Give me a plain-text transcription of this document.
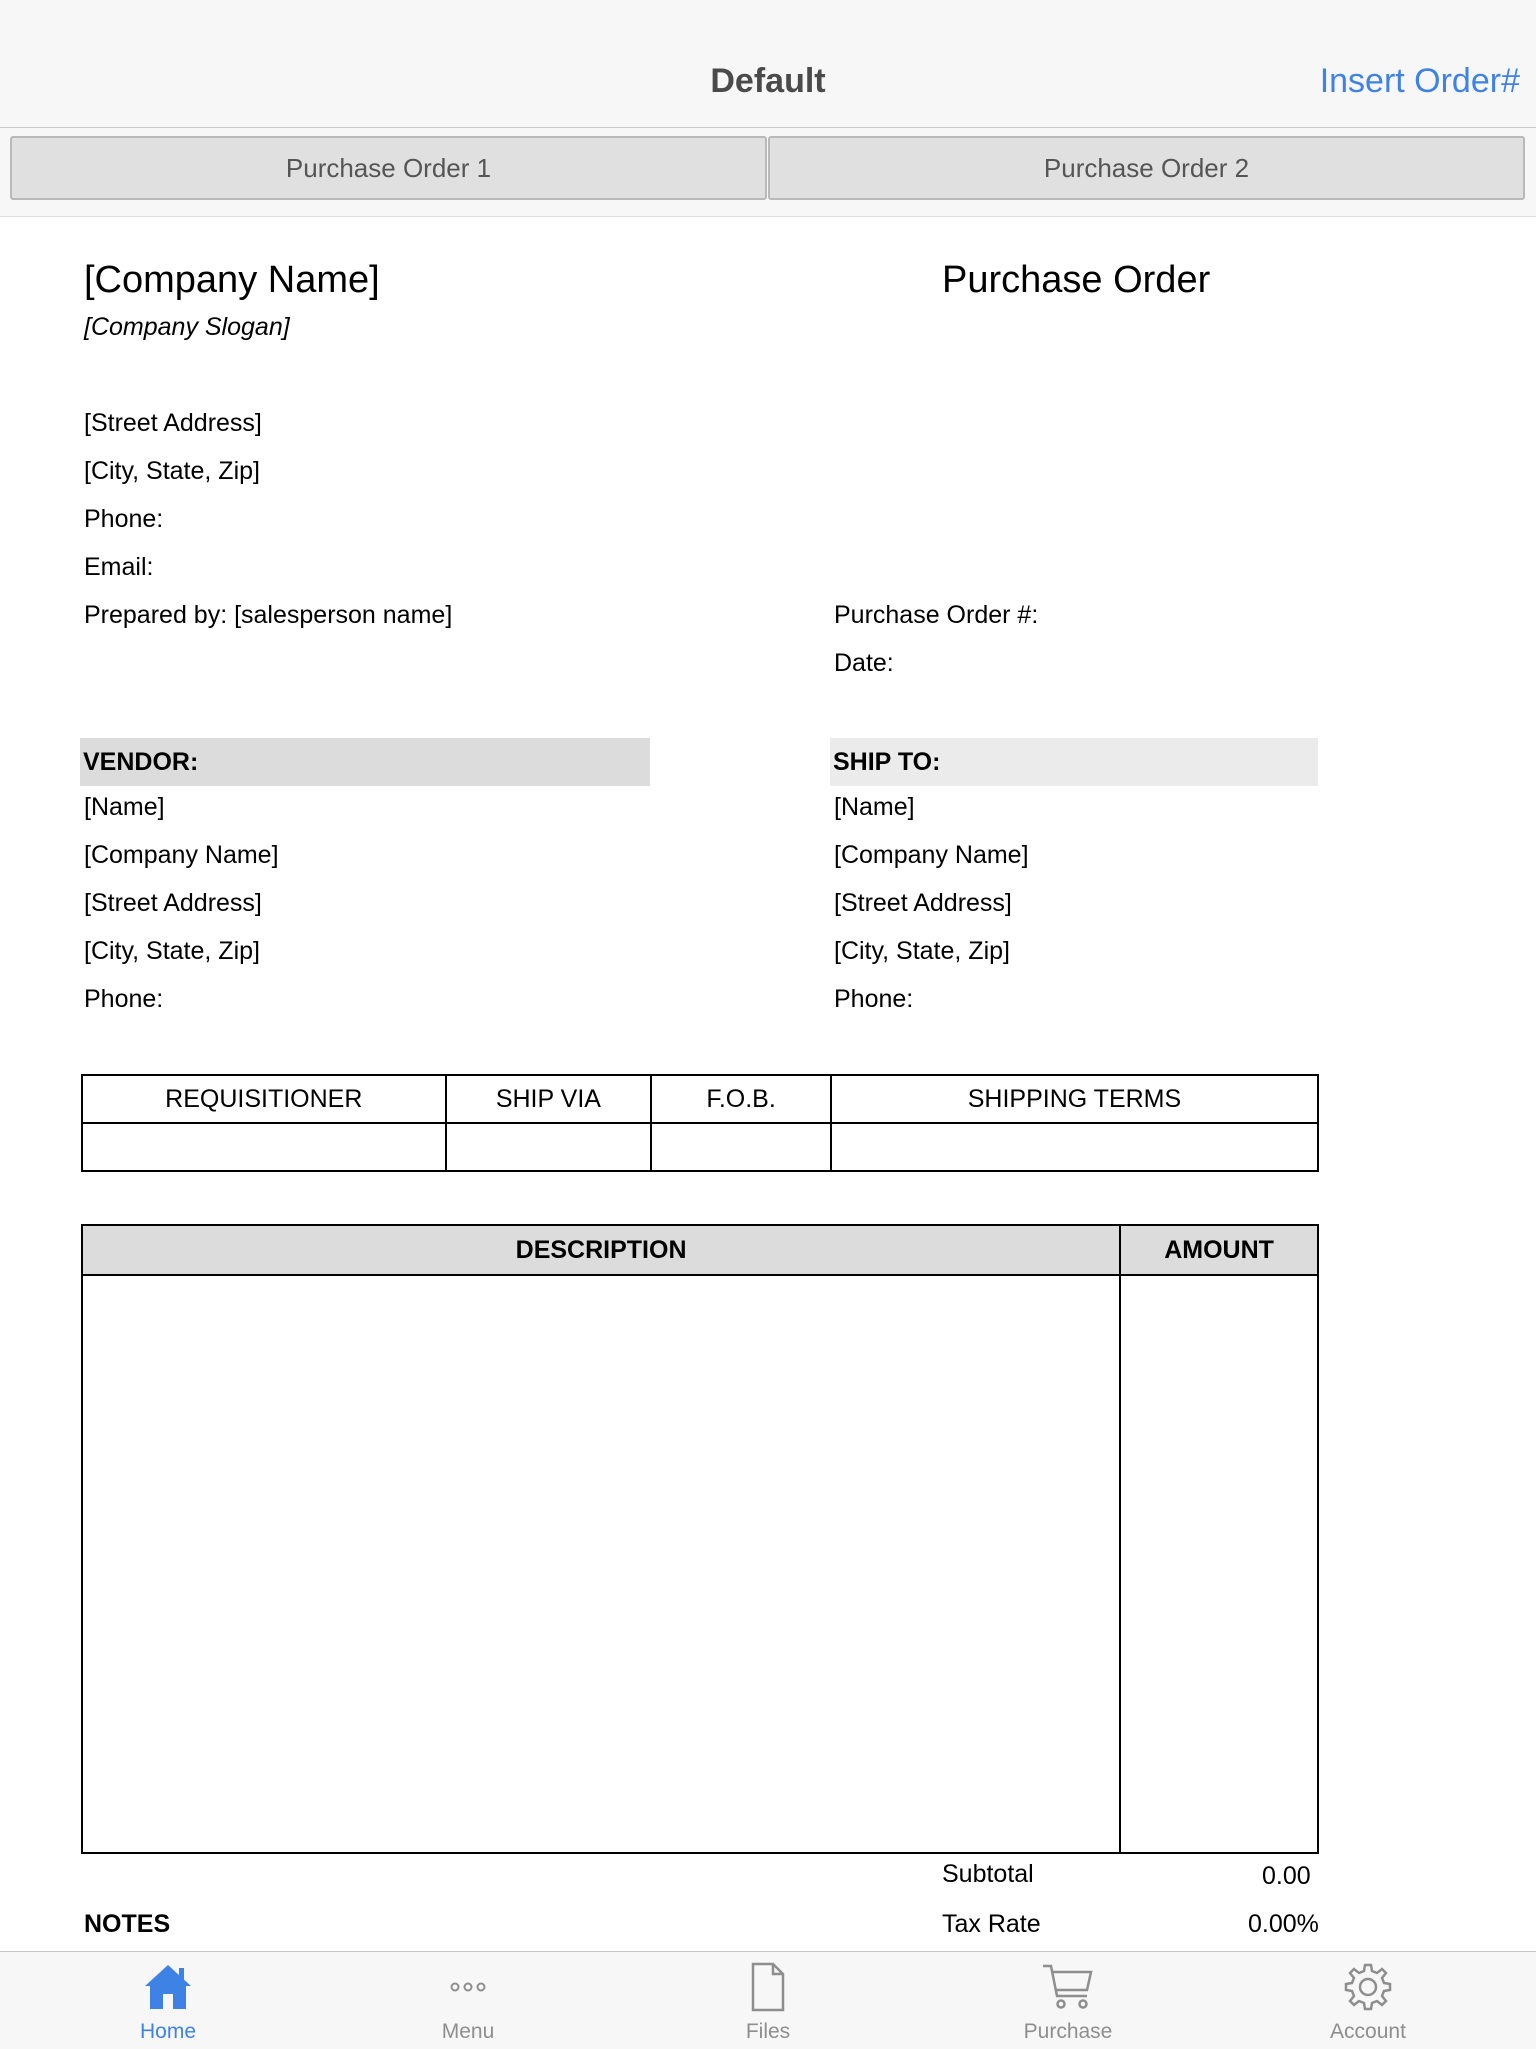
Default	Insert Order#
Purchase Order 1	Purchase Order 2
[Company Name]	Purchase Order
[Company Slogan]
[Street Address]
[City, State, Zip]
Phone:
Email:
Prepared by: [salesperson name]	Purchase Order #:
Date:
VENDOR:
[Name]
[Company Name]
[Street Address]
[City, State, Zip]
Phone:
SHIP TO:
[Name]
[Company Name]
[Street Address]
[City, State, Zip]
Phone:
REQUISITIONER	SHIP VIA	F.O.B.	SHIPPING TERMS

DESCRIPTION	AMOUNT

Subtotal	0.00
NOTES	Tax Rate	0.00%
Home	Menu	Files	Purchase	Account
